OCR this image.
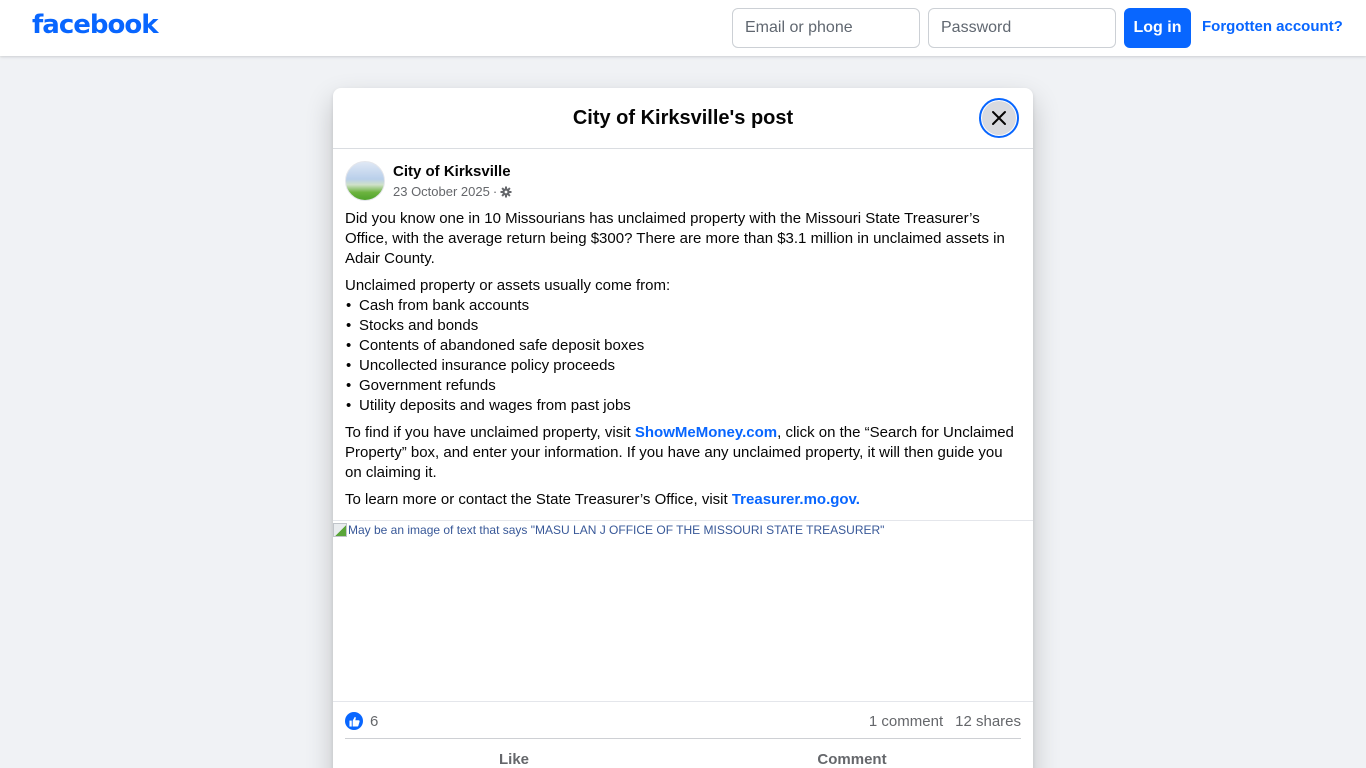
facebook
Email or phone	Log in	Forgotten account?
City of Kirksville's post
City of Kirksville
23 October 2025 ·

Did you know one in 10 Missourians has unclaimed property with the Missouri State Treasurer’s Office, with the average return being $300? There are more than $3.1 million in unclaimed assets in Adair County.

Unclaimed property or assets usually come from:
• Cash from bank accounts
• Stocks and bonds
• Contents of abandoned safe deposit boxes
• Uncollected insurance policy proceeds
• Government refunds
• Utility deposits and wages from past jobs

To find if you have unclaimed property, visit ShowMeMoney.com, click on the “Search for Unclaimed Property” box, and enter your information. If you have any unclaimed property, it will then guide you on claiming it.

To learn more or contact the State Treasurer’s Office, visit Treasurer.mo.gov.

May be an image of text that says "MASU LAN J OFFICE OF THE MISSOURI STATE TREASURER"
6	1 comment 12 shares
Like	Comment
